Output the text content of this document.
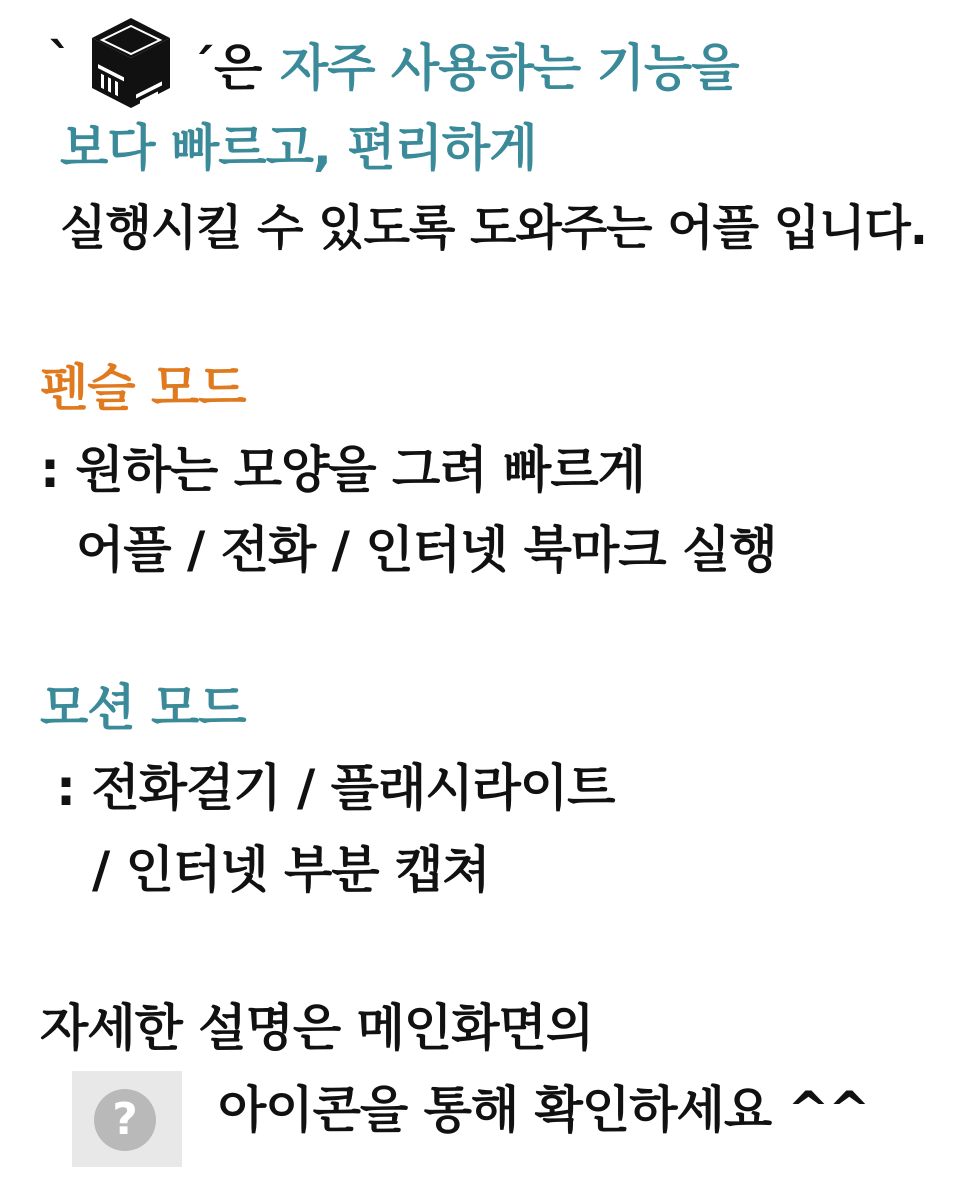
` ´은 자주 사용하는 기능을
보다 빠르고, 편리하게
실행시킬 수 있도록 도와주는 어플 입니다.
펜슬 모드
: 원하는 모양을 그려 빠르게
어플 / 전화 / 인터넷 북마크 실행
모션 모드
: 전화걸기 / 플래시라이트
/ 인터넷 부분 캡쳐
자세한 설명은 메인화면의
?	아이콘을 통해 확인하세요 ^^
